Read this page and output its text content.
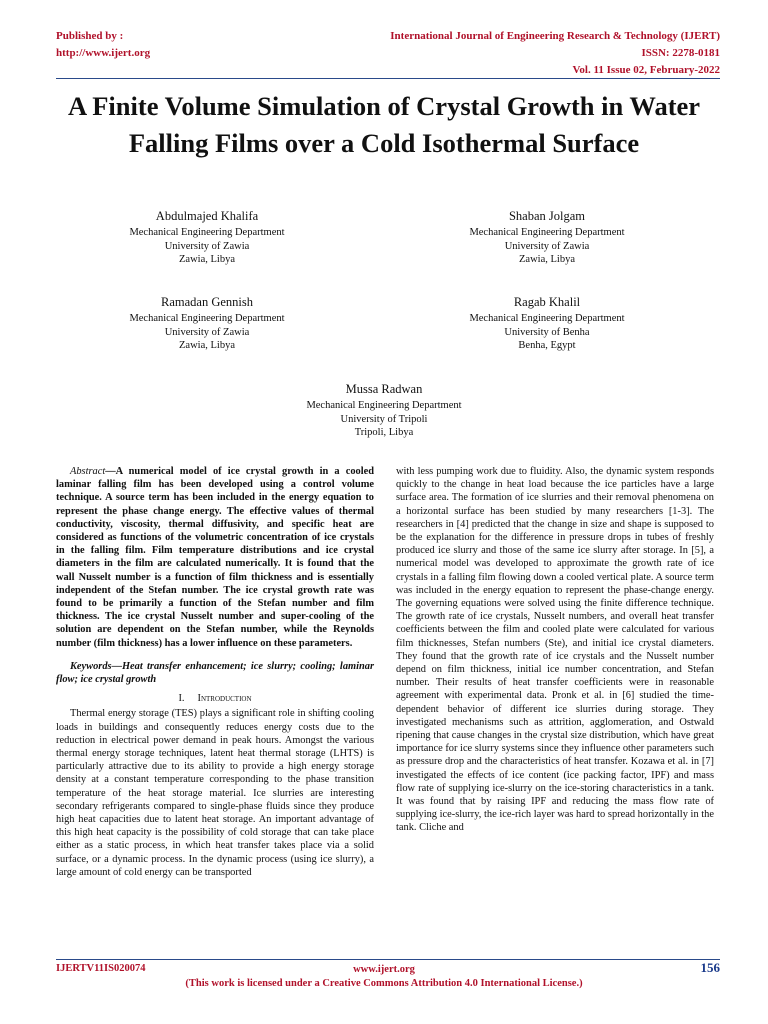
Published by :
http://www.ijert.org
International Journal of Engineering Research & Technology (IJERT)
ISSN: 2278-0181
Vol. 11 Issue 02, February-2022
A Finite Volume Simulation of Crystal Growth in Water Falling Films over a Cold Isothermal Surface
Abdulmajed Khalifa
Mechanical Engineering Department
University of Zawia
Zawia, Libya
Shaban Jolgam
Mechanical Engineering Department
University of Zawia
Zawia, Libya
Ramadan Gennish
Mechanical Engineering Department
University of Zawia
Zawia, Libya
Ragab Khalil
Mechanical Engineering Department
University of Benha
Benha, Egypt
Mussa Radwan
Mechanical Engineering Department
University of Tripoli
Tripoli, Libya

Abstract—A numerical model of ice crystal growth in a cooled laminar falling film has been developed using a control volume technique. A source term has been included in the energy equation to represent the phase change energy. The effective values of thermal conductivity, viscosity, thermal diffusivity, and specific heat are considered as functions of the volumetric concentration of ice crystals in the falling film. Film temperature distributions and ice crystal diameters in the film are calculated numerically. It is found that the wall Nusselt number is a function of film thickness and is essentially independent of the Stefan number. The ice crystal growth rate was found to be primarily a function of the Stefan number and film thickness. The ice crystal Nusselt number and super-cooling of the solution are dependent on the Stefan number, while the Reynolds number (film thickness) has a lower influence on these parameters.

Keywords—Heat transfer enhancement; ice slurry; cooling; laminar flow; ice crystal growth

I. Introduction

Thermal energy storage (TES) plays a significant role in shifting cooling loads in buildings and consequently reduces energy costs due to the reduction in electrical power demand in peak hours. Amongst the various thermal energy storage techniques, latent heat thermal storage (LHTS) is particularly attractive due to its ability to provide a high energy storage density at a constant temperature corresponding to the phase transition temperature of the heat storage material. Ice slurries are interesting secondary refrigerants compared to single-phase fluids since they produce high heat capacities due to latent heat storage. An important advantage of this high heat capacity is the possibility of cold storage that can take place either as a static process, in which heat transfer takes place via a solid surface, or a dynamic process. In the dynamic process (using ice slurry), a large amount of cold energy can be transported

with less pumping work due to fluidity. Also, the dynamic system responds quickly to the change in heat load because the ice particles have a large surface area. The formation of ice slurries and their removal phenomena on a horizontal surface has been studied by many researchers [1-3]. The researchers in [4] predicted that the change in size and shape is supposed to be the explanation for the difference in pressure drops in tubes of freshly produced ice slurry and those of the same ice slurry after storage. In [5], a numerical model was developed to approximate the growth rate of ice crystals in a falling film flowing down a cooled vertical plate. A source term was included in the energy equation to represent the phase-change energy. The governing equations were solved using the finite difference technique. The growth rate of ice crystals, Nusselt numbers, and overall heat transfer coefficients between the film and cooled plate were calculated for various film thicknesses, Stefan numbers (Ste), and initial ice crystal diameters. They found that the growth rate of ice crystals and the Nusselt number depend on film thickness, initial ice number concentration, and Stefan number. Their results of heat transfer coefficients were in reasonable agreement with experimental data. Pronk et al. in [6] studied the time-dependent behavior of different ice slurries during storage. They investigated mechanisms such as attrition, agglomeration, and Ostwald ripening that cause changes in the crystal size distribution, which have great importance for ice slurry systems since they influence other parameters such as pressure drop and the characteristics of heat transfer. Kozawa et al. in [7] investigated the effects of ice content (ice packing factor, IPF) and mass flow rate of supplying ice-slurry on the ice-storing characteristics in a tank. It was found that by raising IPF and reducing the mass flow rate of supplying ice-slurry, the ice-rich layer was hard to spread horizontally in the tank. Cliche and

IJERTV11IS020074	www.ijert.org
(This work is licensed under a Creative Commons Attribution 4.0 International License.)
156
